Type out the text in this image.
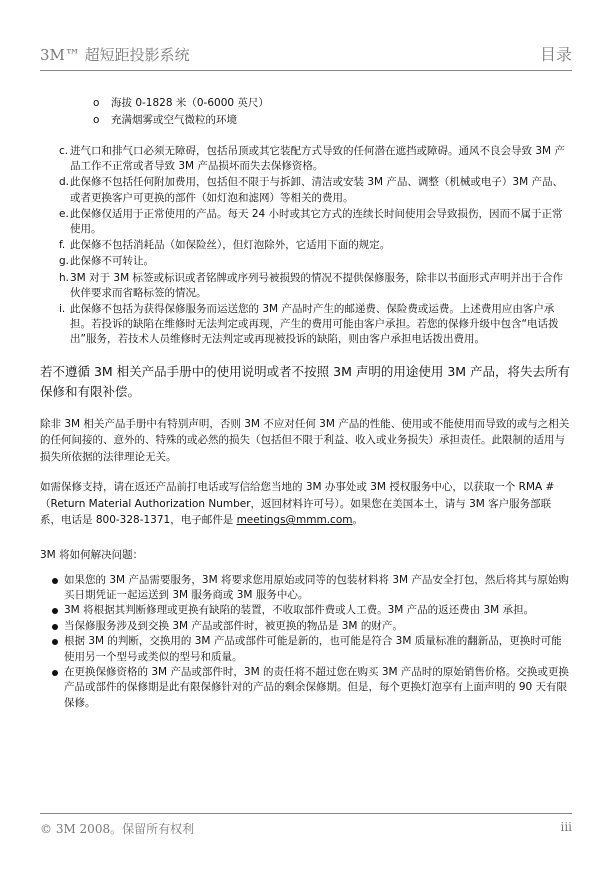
3M™ 超短距投影系统	目录
o 海拔 0-1828 米（0-6000 英尺）
o 充满烟雾或空气微粒的环境
c. 进气口和排气口必须无障碍，包括吊顶或其它装配方式导致的任何潜在遮挡或障碍。通风不良会导致 3M 产品工作不正常或者导致 3M 产品损坏而失去保修资格。
d. 此保修不包括任何附加费用，包括但不限于与拆卸、清洁或安装 3M 产品、调整（机械或电子）3M 产品、或者更换客户可更换的部件（如灯泡和滤网）等相关的费用。
e. 此保修仅适用于正常使用的产品。每天 24 小时或其它方式的连续长时间使用会导致损伤，因而不属于正常使用。
f. 此保修不包括消耗品（如保险丝），但灯泡除外，它适用下面的规定。
g. 此保修不可转让。
h. 3M 对于 3M 标签或标识或者铭牌或序列号被损毁的情况不提供保修服务，除非以书面形式声明并出于合作伙伴要求而省略标签的情况。
i. 此保修不包括为获得保修服务而运送您的 3M 产品时产生的邮递费、保险费或运费。上述费用应由客户承担。若投诉的缺陷在维修时无法判定或再现，产生的费用可能由客户承担。若您的保修升级中包含“电话拨出”服务，若技术人员维修时无法判定或再现被投诉的缺陷，则由客户承担电话拨出费用。

若不遵循 3M 相关产品手册中的使用说明或者不按照 3M 声明的用途使用 3M 产品，将失去所有保修和有限补偿。

除非 3M 相关产品手册中有特别声明，否则 3M 不应对任何 3M 产品的性能、使用或不能使用而导致的或与之相关的任何间接的、意外的、特殊的或必然的损失（包括但不限于利益、收入或业务损失）承担责任。此限制的适用与损失所依据的法律理论无关。

如需保修支持，请在返还产品前打电话或写信给您当地的 3M 办事处或 3M 授权服务中心，以获取一个 RMA #（Return Material Authorization Number，返回材料许可号）。如果您在美国本土，请与 3M 客户服务部联系，电话是 800-328-1371，电子邮件是 meetings@mmm.com。

3M 将如何解决问题：

如果您的 3M 产品需要服务，3M 将要求您用原始或同等的包装材料将 3M 产品安全打包，然后将其与原始购买日期凭证一起运送到 3M 服务商或 3M 服务中心。
3M 将根据其判断修理或更换有缺陷的装置，不收取部件费或人工费。3M 产品的返还费由 3M 承担。
当保修服务涉及到交换 3M 产品或部件时，被更换的物品是 3M 的财产。
根据 3M 的判断，交换用的 3M 产品或部件可能是新的，也可能是符合 3M 质量标准的翻新品，更换时可能使用另一个型号或类似的型号和质量。
在更换保修资格的 3M 产品或部件时，3M 的责任将不超过您在购买 3M 产品时的原始销售价格。交换或更换产品或部件的保修期是此有限保修针对的产品的剩余保修期。但是，每个更换灯泡享有上面声明的 90 天有限保修。
© 3M 2008。保留所有权利	iii
